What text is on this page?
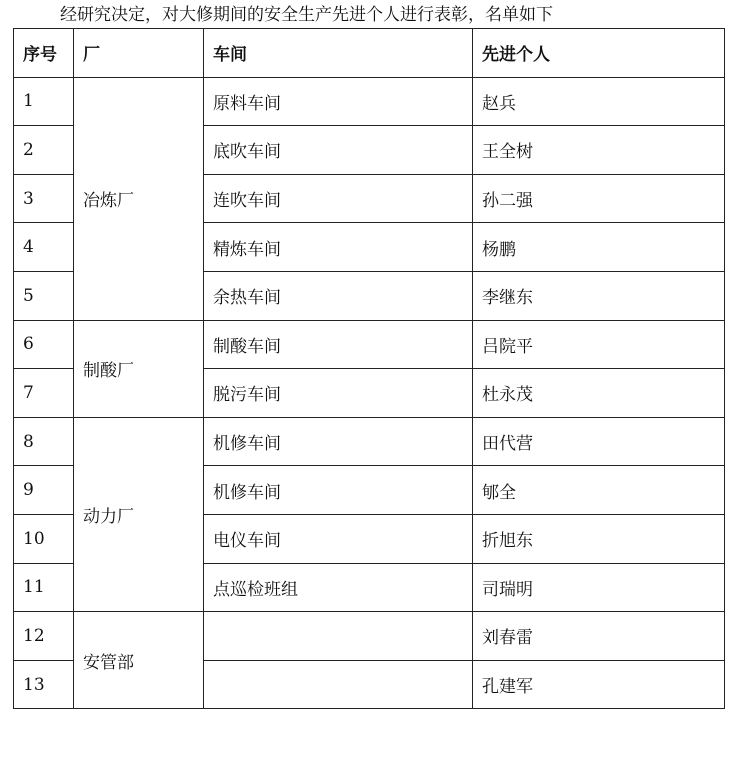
经研究决定，对大修期间的安全生产先进个人进行表彰，名单如下
序号	厂	车间	先进个人
1	冶炼厂	原料车间	赵兵
2		底吹车间	王全树
3		连吹车间	孙二强
4		精炼车间	杨鹏
5		余热车间	李继东
6	制酸厂	制酸车间	吕院平
7		脱污车间	杜永茂
8	动力厂	机修车间	田代营
9		机修车间	郇全
10		电仪车间	折旭东
11		点巡检班组	司瑞明
12	安管部		刘春雷
13			孔建军
